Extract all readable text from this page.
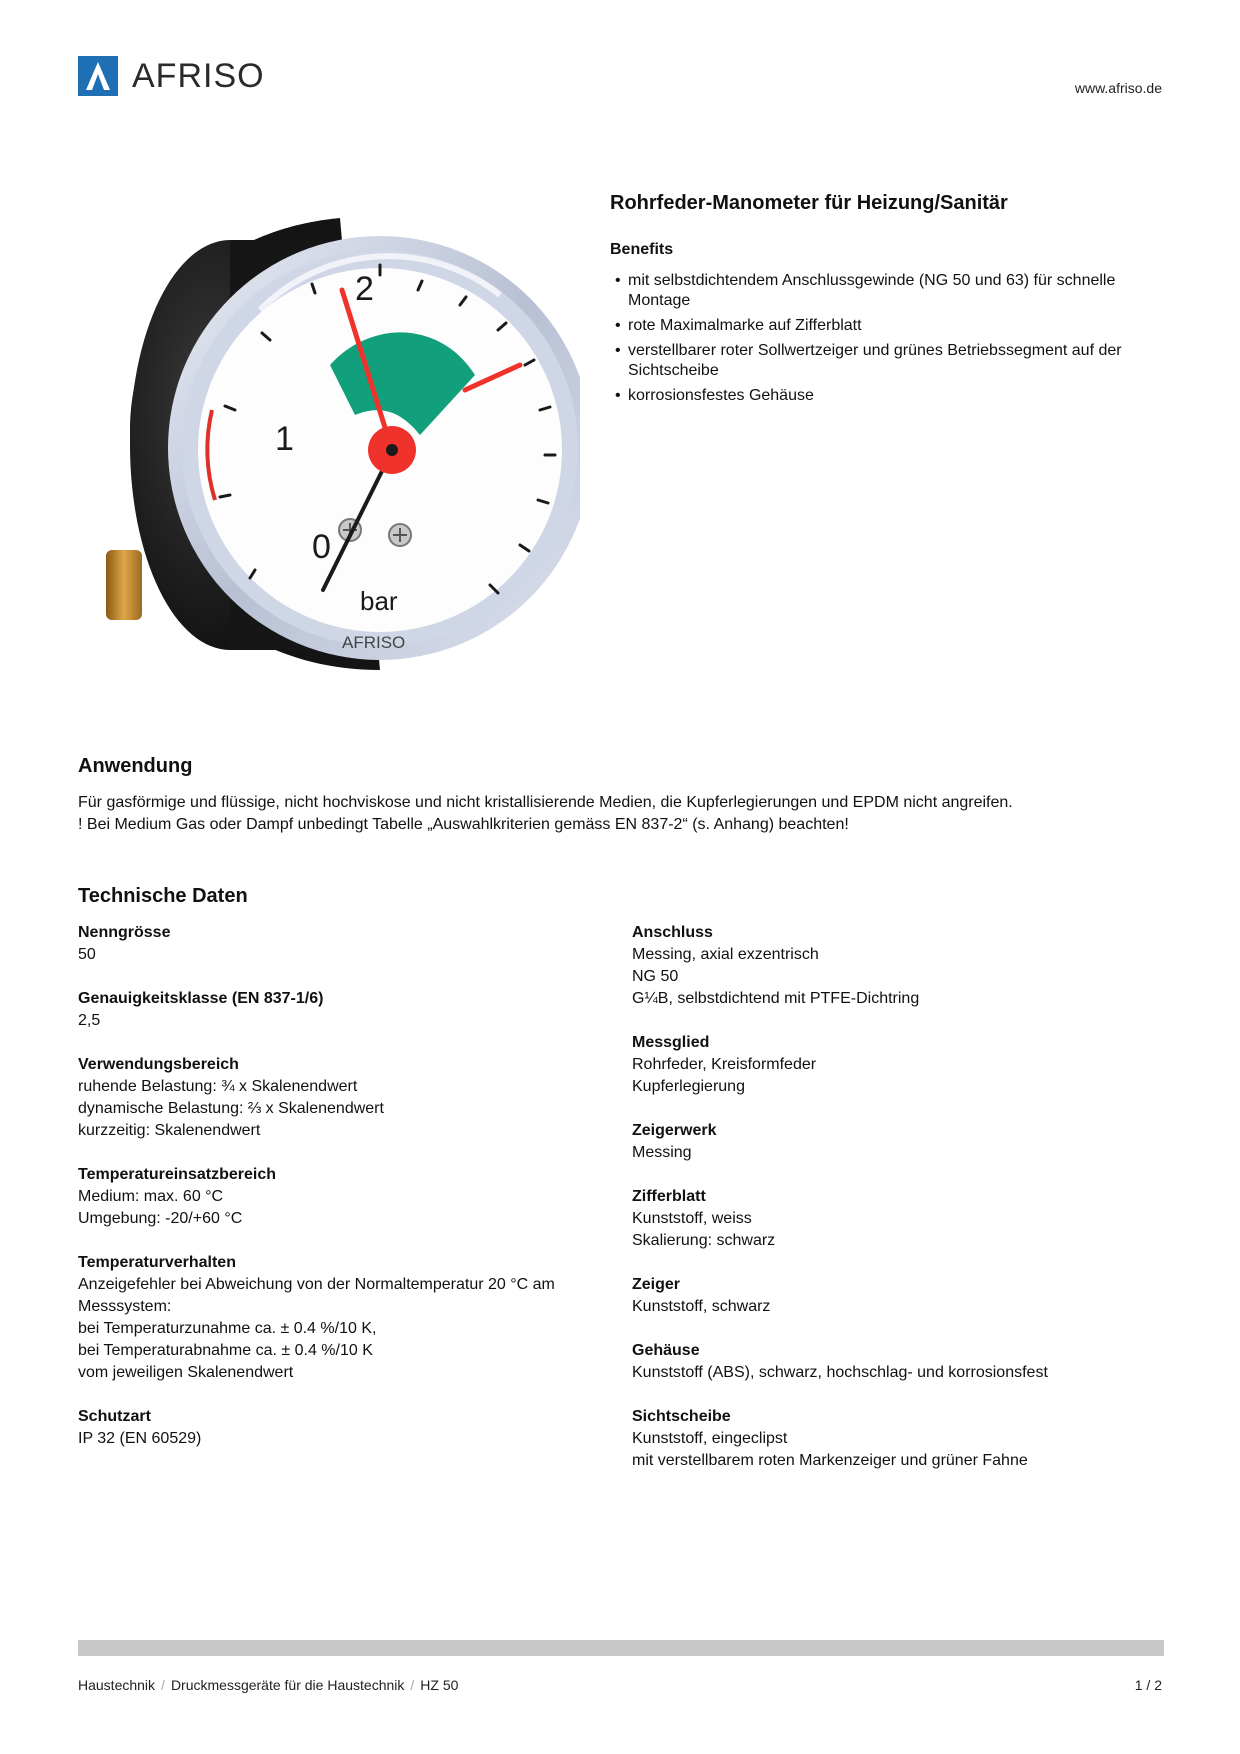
AFRISO	www.afriso.de
0
1
2
bar
AFRISO
Rohrfeder-Manometer für Heizung/Sanitär
Benefits
• mit selbstdichtendem Anschlussgewinde (NG 50 und 63) für schnelle Montage
• rote Maximalmarke auf Zifferblatt
• verstellbarer roter Sollwertzeiger und grünes Betriebssegment auf der Sichtscheibe
• korrosionsfestes Gehäuse
Anwendung

Für gasförmige und flüssige, nicht hochviskose und nicht kristallisierende Medien, die Kupferlegierungen und EPDM nicht angreifen.

! Bei Medium Gas oder Dampf unbedingt Tabelle „Auswahlkriterien gemäss EN 837-2“ (s. Anhang) beachten!

Technische Daten
Nenngrösse
50
Genauigkeitsklasse (EN 837-1/6)
2,5
Verwendungsbereich
ruhende Belastung: ¾ x Skalenendwert
dynamische Belastung: ⅔ x Skalenendwert
kurzzeitig: Skalenendwert
Temperatureinsatzbereich
Medium: max. 60 °C
Umgebung: -20/+60 °C
Temperaturverhalten
Anzeigefehler bei Abweichung von der Normaltemperatur 20 °C am
Messsystem:
bei Temperaturzunahme ca. ± 0.4 %/10 K,
bei Temperaturabnahme ca. ± 0.4 %/10 K
vom jeweiligen Skalenendwert
Schutzart
IP 32 (EN 60529)
Anschluss
Messing, axial exzentrisch
NG 50
G¼B, selbstdichtend mit PTFE-Dichtring
Messglied
Rohrfeder, Kreisformfeder
Kupferlegierung
Zeigerwerk
Messing
Zifferblatt
Kunststoff, weiss
Skalierung: schwarz
Zeiger
Kunststoff, schwarz
Gehäuse
Kunststoff (ABS), schwarz, hochschlag- und korrosionsfest
Sichtscheibe
Kunststoff, eingeclipst
mit verstellbarem roten Markenzeiger und grüner Fahne
Haustechnik / Druckmessgeräte für die Haustechnik / HZ 50	1 / 2
